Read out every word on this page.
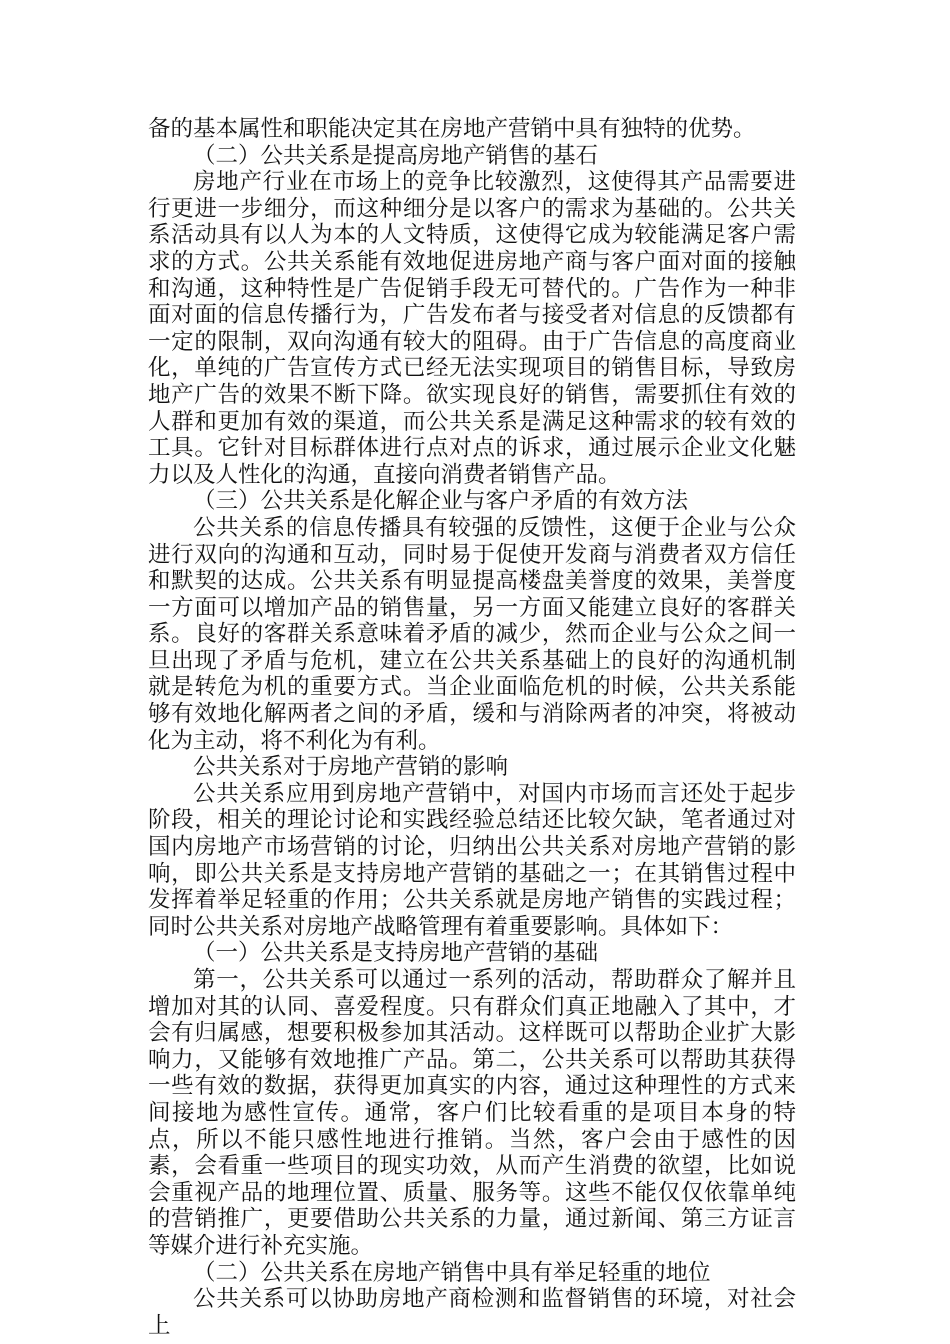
备的基本属性和职能决定其在房地产营销中具有独特的优势。

（二）公共关系是提高房地产销售的基石

房地产行业在市场上的竞争比较激烈，这使得其产品需要进行更进一步细分，而这种细分是以客户的需求为基础的。公共关系活动具有以人为本的人文特质，这使得它成为较能满足客户需求的方式。公共关系能有效地促进房地产商与客户面对面的接触和沟通，这种特性是广告促销手段无可替代的。广告作为一种非面对面的信息传播行为，广告发布者与接受者对信息的反馈都有一定的限制，双向沟通有较大的阻碍。由于广告信息的高度商业化，单纯的广告宣传方式已经无法实现项目的销售目标，导致房地产广告的效果不断下降。欲实现良好的销售，需要抓住有效的人群和更加有效的渠道，而公共关系是满足这种需求的较有效的工具。它针对目标群体进行点对点的诉求，通过展示企业文化魅力以及人性化的沟通，直接向消费者销售产品。

（三）公共关系是化解企业与客户矛盾的有效方法

公共关系的信息传播具有较强的反馈性，这便于企业与公众进行双向的沟通和互动，同时易于促使开发商与消费者双方信任和默契的达成。公共关系有明显提高楼盘美誉度的效果，美誉度一方面可以增加产品的销售量，另一方面又能建立良好的客群关系。良好的客群关系意味着矛盾的减少，然而企业与公众之间一旦出现了矛盾与危机，建立在公共关系基础上的良好的沟通机制就是转危为机的重要方式。当企业面临危机的时候，公共关系能够有效地化解两者之间的矛盾，缓和与消除两者的冲突，将被动化为主动，将不利化为有利。

公共关系对于房地产营销的影响

公共关系应用到房地产营销中，对国内市场而言还处于起步阶段，相关的理论讨论和实践经验总结还比较欠缺，笔者通过对国内房地产市场营销的讨论，归纳出公共关系对房地产营销的影响，即公共关系是支持房地产营销的基础之一；在其销售过程中发挥着举足轻重的作用；公共关系就是房地产销售的实践过程；同时公共关系对房地产战略管理有着重要影响。具体如下：

（一）公共关系是支持房地产营销的基础

第一，公共关系可以通过一系列的活动，帮助群众了解并且增加对其的认同、喜爱程度。只有群众们真正地融入了其中，才会有归属感，想要积极参加其活动。这样既可以帮助企业扩大影响力，又能够有效地推广产品。第二，公共关系可以帮助其获得一些有效的数据，获得更加真实的内容，通过这种理性的方式来间接地为感性宣传。通常，客户们比较看重的是项目本身的特点，所以不能只感性地进行推销。当然，客户会由于感性的因素，会看重一些项目的现实功效，从而产生消费的欲望，比如说会重视产品的地理位置、质量、服务等。这些不能仅仅依靠单纯的营销推广，更要借助公共关系的力量，通过新闻、第三方证言等媒介进行补充实施。

（二）公共关系在房地产销售中具有举足轻重的地位

公共关系可以协助房地产商检测和监督销售的环境，对社会上
